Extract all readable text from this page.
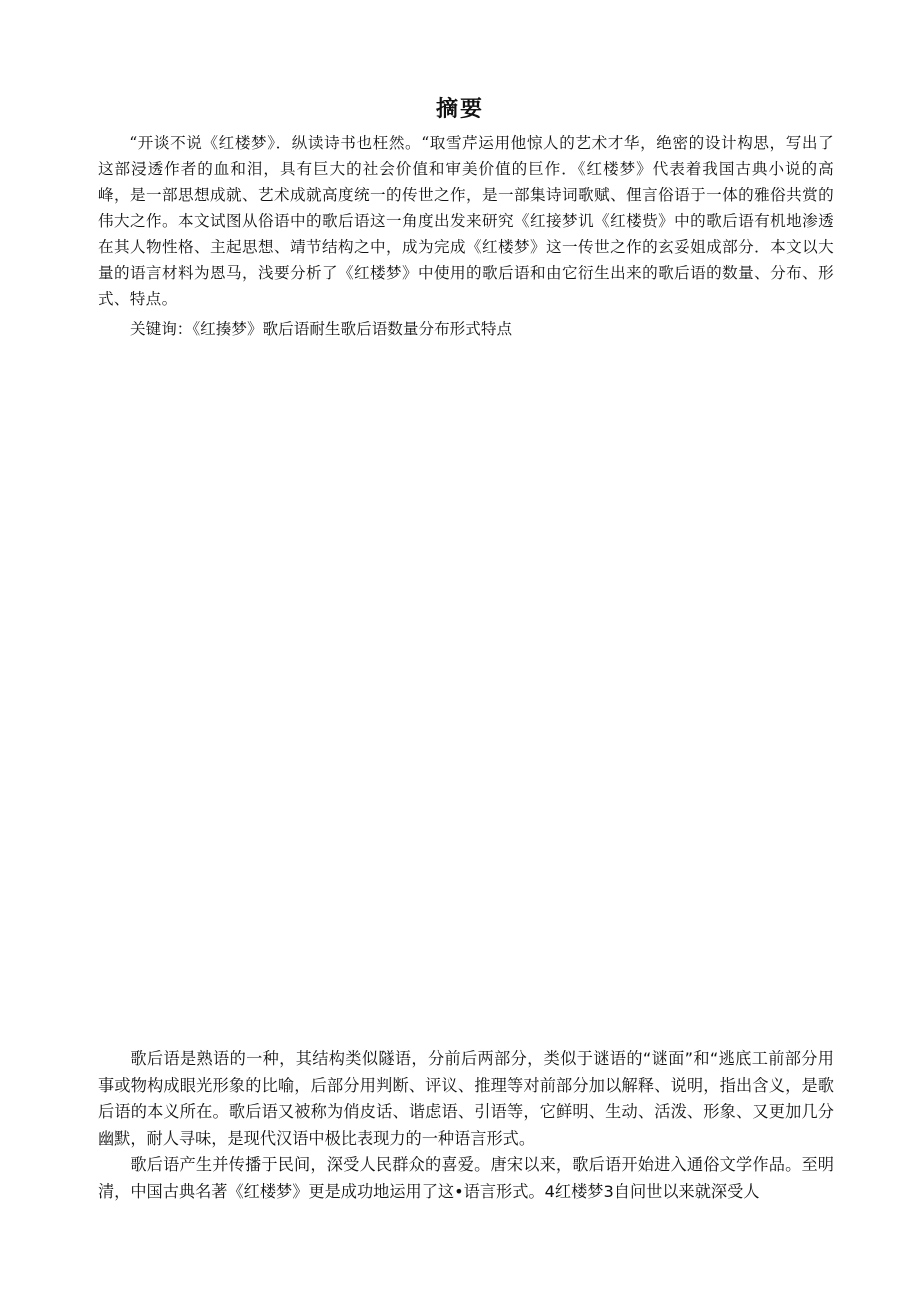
摘要

“开谈不说《红楼梦》．纵读诗书也枉然。“取雪芹运用他惊人的艺术才华，绝密的设计构思，写出了这部浸透作者的血和泪，具有巨大的社会价值和审美价值的巨作．《红楼梦》代表着我国古典小说的高峰，是一部思想成就、艺术成就高度统一的传世之作，是一部集诗词歌赋、俚言俗语于一体的雅俗共赏的伟大之作。本文试图从俗语中的歌后语这一角度出发来研究《红接梦讥《红楼赀》中的歌后语有机地渗透在其人物性格、主起思想、靖节结构之中，成为完成《红楼梦》这一传世之作的玄妥姐成部分．本文以大量的语言材料为恩马，浅要分析了《红楼梦》中使用的歌后语和由它衍生出来的歌后语的数量、分布、形式、特点。

关键询：《红揍梦》歌后语耐生歌后语数量分布形式特点

歌后语是熟语的一种，其结构类似隧语，分前后两部分，类似于谜语的“谜面”和“逃底工前部分用事或物构成眼光形象的比喻，后部分用判断、评议、推理等对前部分加以解释、说明，指出含义，是歌后语的本义所在。歌后语又被称为俏皮话、谐虑语、引语等，它鲜明、生动、活泼、形象、又更加几分幽默，耐人寻味，是现代汉语中极比表现力的一种语言形式。

歌后语产生并传播于民间，深受人民群众的喜爱。唐宋以来，歌后语开始进入通俗文学作品。至明清，中国古典名著《红楼梦》更是成功地运用了这•语言形式。4红楼梦3自问世以来就深受人
